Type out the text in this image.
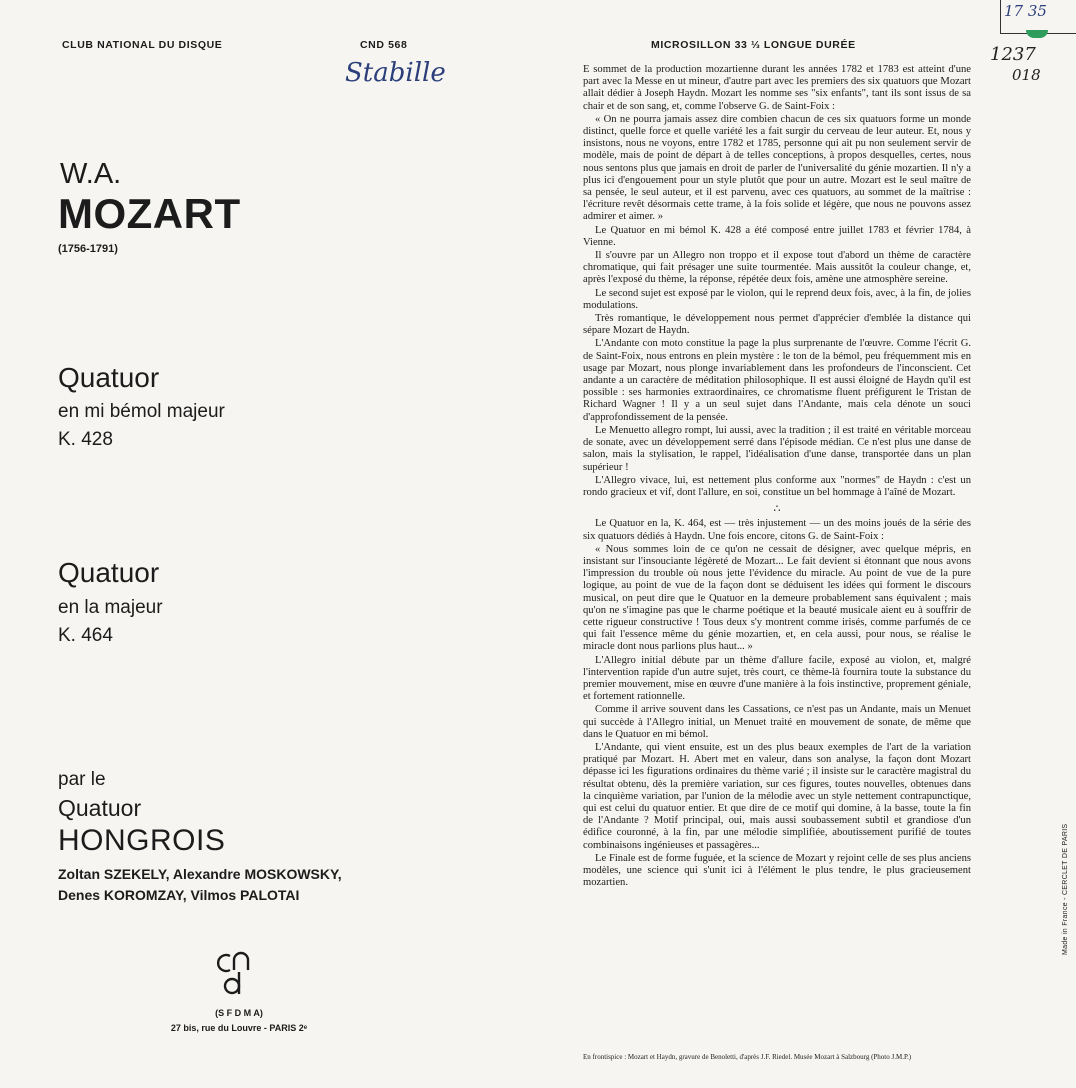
CLUB NATIONAL DU DISQUE	CND 568	MICROSILLON 33 ⅓ LONGUE DURÉE
Stabille
17 35
1237
018
W.A.
MOZART
(1756-1791)
Quatuor
en mi bémol majeur
K. 428
Quatuor
en la majeur
K. 464
par le
Quatuor
HONGROIS
Zoltan SZEKELY, Alexandre MOSKOWSKY,
Denes KOROMZAY, Vilmos PALOTAI
(S F D M A)
27 bis, rue du Louvre - PARIS 2ᵉ

E sommet de la production mozartienne durant les années 1782 et 1783 est atteint d'une part avec la Messe en ut mineur, d'autre part avec les premiers des six quatuors que Mozart allait dédier à Joseph Haydn. Mozart les nomme ses "six enfants", tant ils sont issus de sa chair et de son sang, et, comme l'observe G. de Saint-Foix :

« On ne pourra jamais assez dire combien chacun de ces six quatuors forme un monde distinct, quelle force et quelle variété les a fait surgir du cerveau de leur auteur. Et, nous y insistons, nous ne voyons, entre 1782 et 1785, personne qui ait pu non seulement servir de modèle, mais de point de départ à de telles conceptions, à propos desquelles, certes, nous nous sentons plus que jamais en droit de parler de l'universalité du génie mozartien. Il n'y a plus ici d'engouement pour un style plutôt que pour un autre. Mozart est le seul maître de sa pensée, le seul auteur, et il est parvenu, avec ces quatuors, au sommet de la maîtrise : l'écriture revêt désormais cette trame, à la fois solide et légère, que nous ne pouvons assez admirer et aimer. »

Le Quatuor en mi bémol K. 428 a été composé entre juillet 1783 et février 1784, à Vienne.

Il s'ouvre par un Allegro non troppo et il expose tout d'abord un thème de caractère chromatique, qui fait présager une suite tourmentée. Mais aussitôt la couleur change, et, après l'exposé du thème, la réponse, répétée deux fois, amène une atmosphère sereine.

Le second sujet est exposé par le violon, qui le reprend deux fois, avec, à la fin, de jolies modulations.

Très romantique, le développement nous permet d'apprécier d'emblée la distance qui sépare Mozart de Haydn.

L'Andante con moto constitue la page la plus surprenante de l'œuvre. Comme l'écrit G. de Saint-Foix, nous entrons en plein mystère : le ton de la bémol, peu fréquemment mis en usage par Mozart, nous plonge invariablement dans les profondeurs de l'inconscient. Cet andante a un caractère de méditation philosophique. Il est aussi éloigné de Haydn qu'il est possible : ses harmonies extraordinaires, ce chromatisme fluent préfigurent le Tristan de Richard Wagner ! Il y a un seul sujet dans l'Andante, mais cela dénote un souci d'approfondissement de la pensée.

Le Menuetto allegro rompt, lui aussi, avec la tradition ; il est traité en véritable morceau de sonate, avec un développement serré dans l'épisode médian. Ce n'est plus une danse de salon, mais la stylisation, le rappel, l'idéalisation d'une danse, transportée dans un plan supérieur !

L'Allegro vivace, lui, est nettement plus conforme aux "normes" de Haydn : c'est un rondo gracieux et vif, dont l'allure, en soi, constitue un bel hommage à l'aîné de Mozart.

∴

Le Quatuor en la, K. 464, est — très injustement — un des moins joués de la série des six quatuors dédiés à Haydn. Une fois encore, citons G. de Saint-Foix :

« Nous sommes loin de ce qu'on ne cessait de désigner, avec quelque mépris, en insistant sur l'insouciante légèreté de Mozart... Le fait devient si étonnant que nous avons l'impression du trouble où nous jette l'évidence du miracle. Au point de vue de la pure logique, au point de vue de la façon dont se déduisent les idées qui forment le discours musical, on peut dire que le Quatuor en la demeure probablement sans équivalent ; mais qu'on ne s'imagine pas que le charme poétique et la beauté musicale aient eu à souffrir de cette rigueur constructive ! Tous deux s'y montrent comme irisés, comme parfumés de ce qui fait l'essence même du génie mozartien, et, en cela aussi, pour nous, se réalise le miracle dont nous parlions plus haut... »

L'Allegro initial débute par un thème d'allure facile, exposé au violon, et, malgré l'intervention rapide d'un autre sujet, très court, ce thème-là fournira toute la substance du premier mouvement, mise en œuvre d'une manière à la fois instinctive, proprement géniale, et fortement rationnelle.

Comme il arrive souvent dans les Cassations, ce n'est pas un Andante, mais un Menuet qui succède à l'Allegro initial, un Menuet traité en mouvement de sonate, de même que dans le Quatuor en mi bémol.

L'Andante, qui vient ensuite, est un des plus beaux exemples de l'art de la variation pratiqué par Mozart. H. Abert met en valeur, dans son analyse, la façon dont Mozart dépasse ici les figurations ordinaires du thème varié ; il insiste sur le caractère magistral du résultat obtenu, dès la première variation, sur ces figures, toutes nouvelles, obtenues dans la cinquième variation, par l'union de la mélodie avec un style nettement contrapunctique, qui est celui du quatuor entier. Et que dire de ce motif qui domine, à la basse, toute la fin de l'Andante ? Motif principal, oui, mais aussi soubassement subtil et grandiose d'un édifice couronné, à la fin, par une mélodie simplifiée, aboutissement purifié de toutes combinaisons ingénieuses et passagères...

Le Finale est de forme fuguée, et la science de Mozart y rejoint celle de ses plus anciens modèles, une science qui s'unit ici à l'élément le plus tendre, le plus gracieusement mozartien.

En frontispice : Mozart et Haydn, gravure de Benoletti, d'après J.F. Riedel. Musée Mozart à Salzbourg (Photo J.M.P.)
Made in France - CERCLET DE PARIS
